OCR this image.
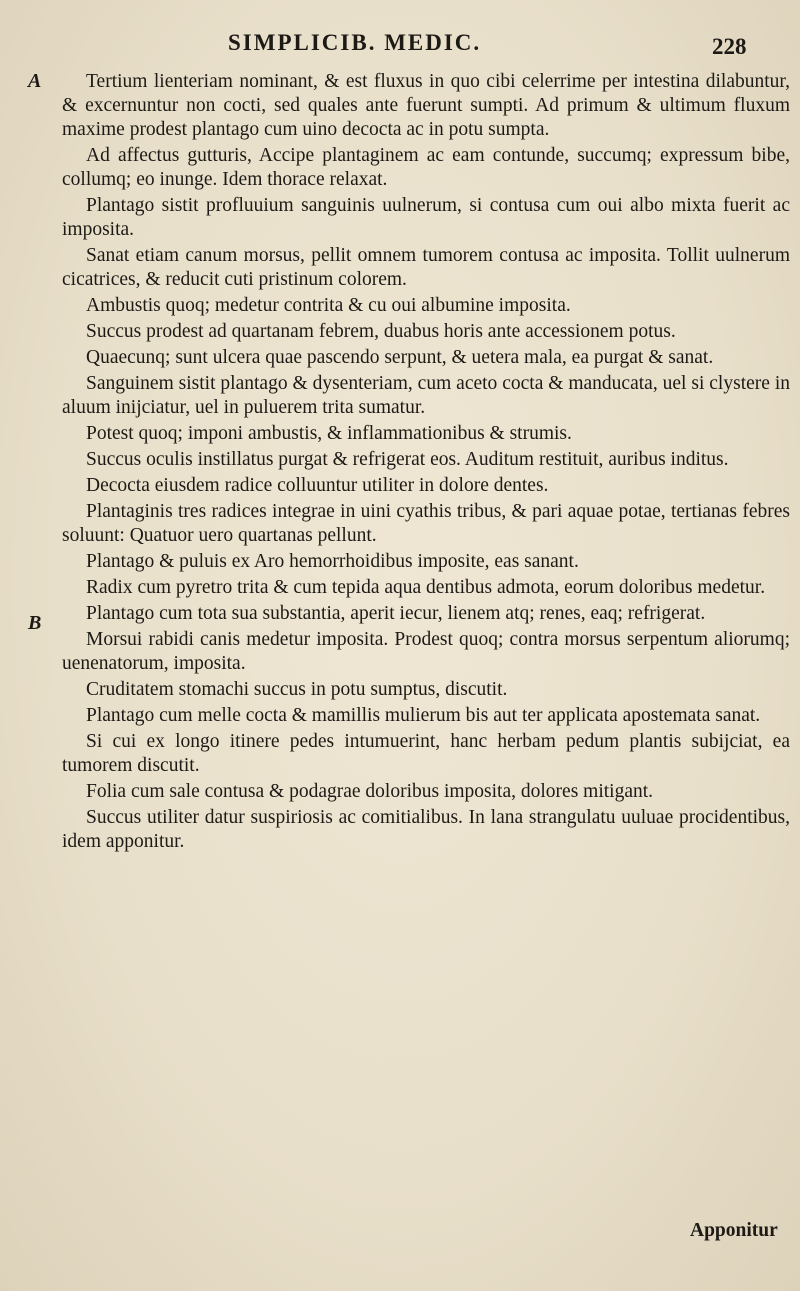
SIMPLICIB. MEDIC.	228
A
B

Tertium lienteriam nominant, & est fluxus in quo cibi celerrime per intestina dilabuntur, & excernuntur non cocti, sed quales ante fuerunt sumpti. Ad primum & ultimum fluxum maxime prodest plantago cum uino decocta ac in potu sumpta.

Ad affectus gutturis, Accipe plantaginem ac eam contunde, succumq; expressum bibe, collumq; eo inunge. Idem thorace relaxat.

Plantago sistit profluuium sanguinis uulnerum, si contusa cum oui albo mixta fuerit ac imposita.

Sanat etiam canum morsus, pellit omnem tumorem contusa ac imposita. Tollit uulnerum cicatrices, & reducit cuti pristinum colorem.

Ambustis quoq; medetur contrita & cu oui albumine imposita.

Succus prodest ad quartanam febrem, duabus horis ante accessionem potus.

Quaecunq; sunt ulcera quae pascendo serpunt, & uetera mala, ea purgat & sanat.

Sanguinem sistit plantago & dysenteriam, cum aceto cocta & manducata, uel si clystere in aluum inijciatur, uel in puluerem trita sumatur.

Potest quoq; imponi ambustis, & inflammationibus & strumis.

Succus oculis instillatus purgat & refrigerat eos. Auditum restituit, auribus inditus.

Decocta eiusdem radice colluuntur utiliter in dolore dentes.

Plantaginis tres radices integrae in uini cyathis tribus, & pari aquae potae, tertianas febres soluunt: Quatuor uero quartanas pellunt.

Plantago & puluis ex Aro hemorrhoidibus imposite, eas sanant.

Radix cum pyretro trita & cum tepida aqua dentibus admota, eorum doloribus medetur.

Plantago cum tota sua substantia, aperit iecur, lienem atq; renes, eaq; refrigerat.

Morsui rabidi canis medetur imposita. Prodest quoq; contra morsus serpentum aliorumq; uenenatorum, imposita.

Cruditatem stomachi succus in potu sumptus, discutit.

Plantago cum melle cocta & mamillis mulierum bis aut ter applicata apostemata sanat.

Si cui ex longo itinere pedes intumuerint, hanc herbam pedum plantis subijciat, ea tumorem discutit.

Folia cum sale contusa & podagrae doloribus imposita, dolores mitigant.

Succus utiliter datur suspiriosis ac comitialibus. In lana strangulatu uuluae procidentibus, idem apponitur.

Apponitur
